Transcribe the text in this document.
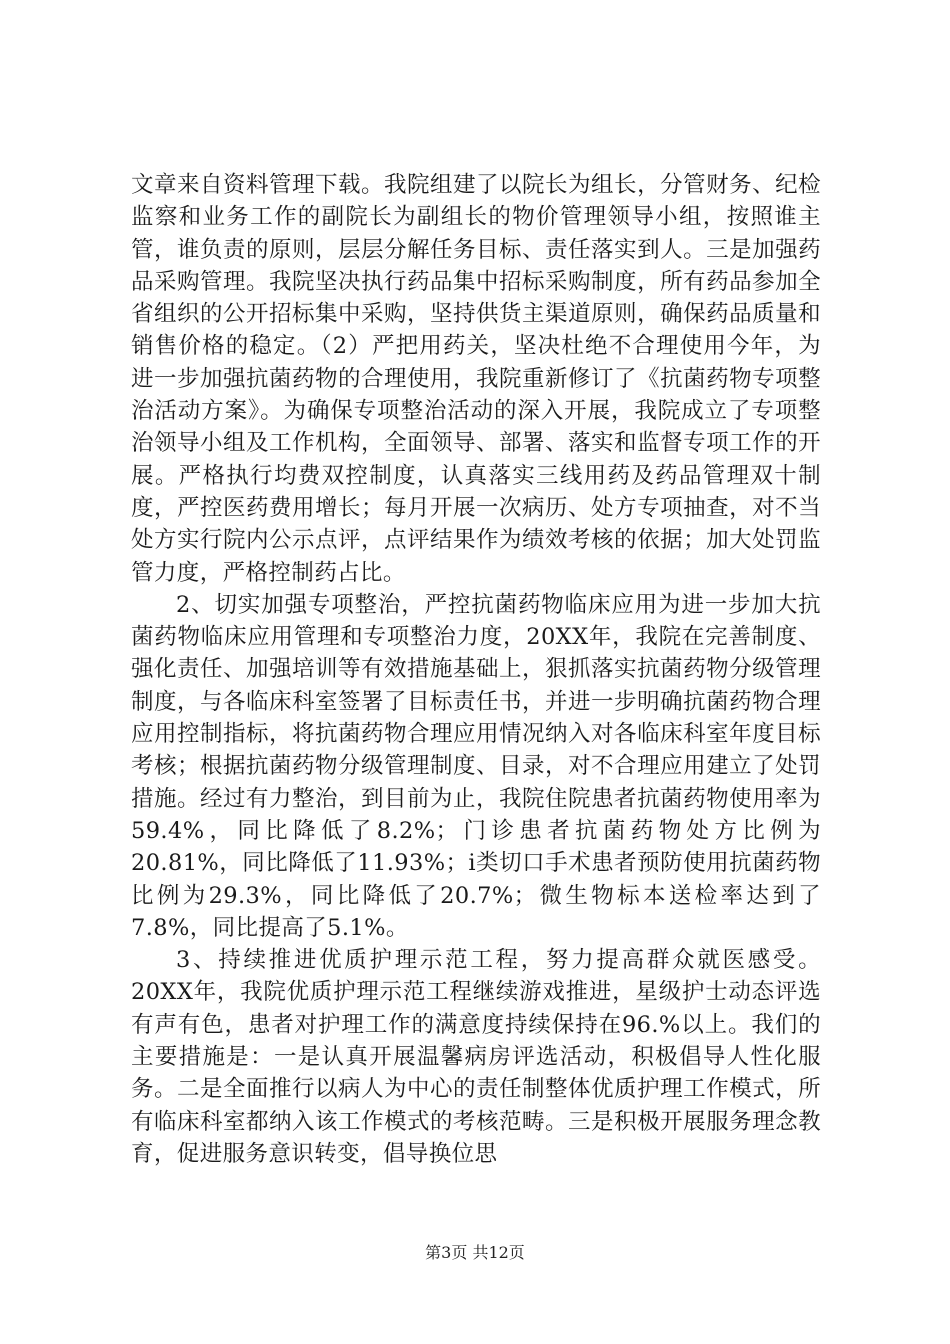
文章来自资料管理下载。我院组建了以院长为组长，分管财务、纪检监察和业务工作的副院长为副组长的物价管理领导小组，按照谁主管，谁负责的原则，层层分解任务目标、责任落实到人。三是加强药品采购管理。我院坚决执行药品集中招标采购制度，所有药品参加全省组织的公开招标集中采购，坚持供货主渠道原则，确保药品质量和销售价格的稳定。（2）严把用药关，坚决杜绝不合理使用今年，为进一步加强抗菌药物的合理使用，我院重新修订了《抗菌药物专项整治活动方案》。为确保专项整治活动的深入开展，我院成立了专项整治领导小组及工作机构，全面领导、部署、落实和监督专项工作的开展。严格执行均费双控制度，认真落实三线用药及药品管理双十制度，严控医药费用增长；每月开展一次病历、处方专项抽查，对不当处方实行院内公示点评，点评结果作为绩效考核的依据；加大处罚监管力度，严格控制药占比。

2、切实加强专项整治，严控抗菌药物临床应用为进一步加大抗菌药物临床应用管理和专项整治力度，20XX年，我院在完善制度、强化责任、加强培训等有效措施基础上，狠抓落实抗菌药物分级管理制度，与各临床科室签署了目标责任书，并进一步明确抗菌药物合理应用控制指标，将抗菌药物合理应用情况纳入对各临床科室年度目标考核；根据抗菌药物分级管理制度、目录，对不合理应用建立了处罚措施。经过有力整治，到目前为止，我院住院患者抗菌药物使用率为59.4%，同比降低了8.2%；门诊患者抗菌药物处方比例为20.81%，同比降低了11.93%；i类切口手术患者预防使用抗菌药物比例为29.3%，同比降低了20.7%；微生物标本送检率达到了7.8%，同比提高了5.1%。

3、持续推进优质护理示范工程，努力提高群众就医感受。20XX年，我院优质护理示范工程继续游戏推进，星级护士动态评选有声有色，患者对护理工作的满意度持续保持在96.%以上。我们的主要措施是：一是认真开展温馨病房评选活动，积极倡导人性化服务。二是全面推行以病人为中心的责任制整体优质护理工作模式，所有临床科室都纳入该工作模式的考核范畴。三是积极开展服务理念教育，促进服务意识转变，倡导换位思

第3页 共12页
